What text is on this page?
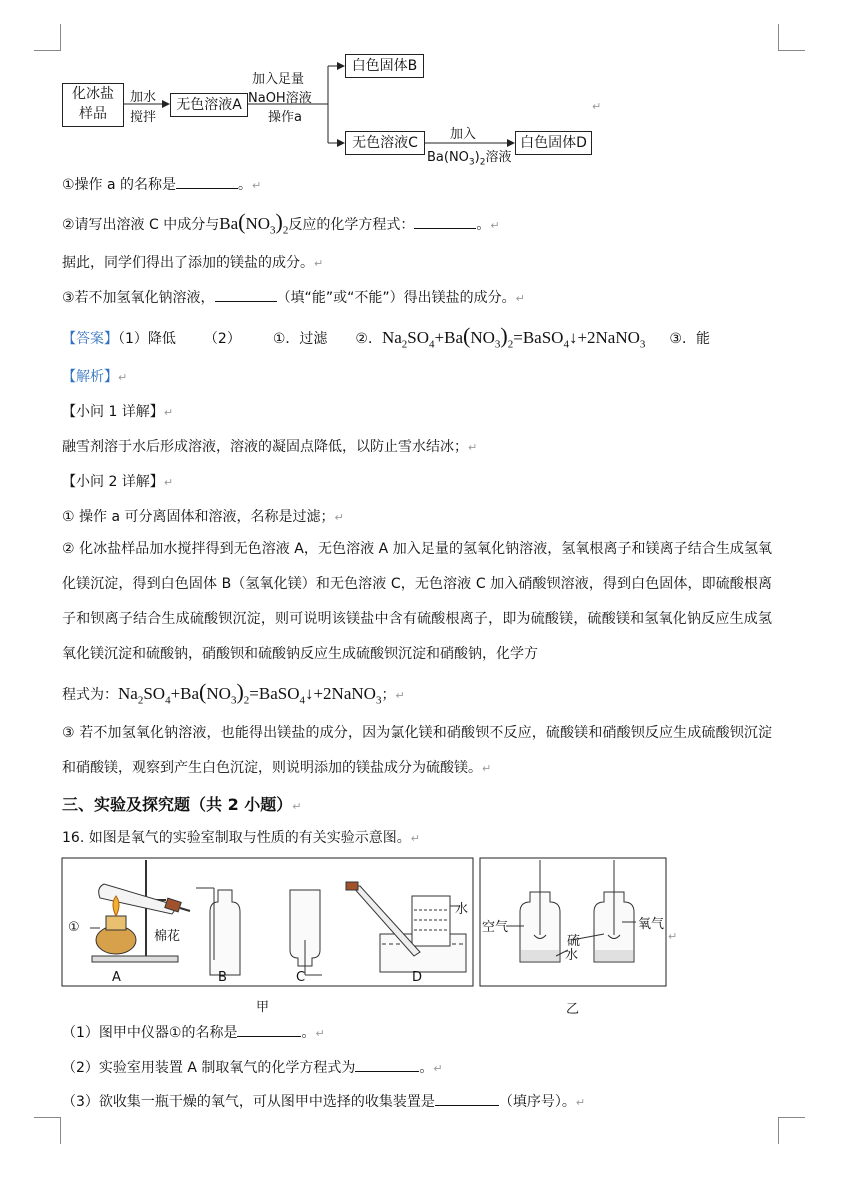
化冰盐
样品
加水
搅拌
无色溶液A
加入足量
NaOH溶液
操作a
白色固体B
无色溶液C
加入
$Ba(NO_3)_2$溶液
白色固体D
↵
①操作 a 的名称是	。↵
②请写出溶液 C 中成分与$Ba(NO_3)_2$反应的化学方程式：	。↵
据此，同学们得出了添加的镁盐的成分。↵
③若不加氢氧化钠溶液，	（填“能”或“不能”）得出镁盐的成分。↵
【答案】（1）降低 （2） ①．过滤 ②．$Na_2SO_4+Ba(NO_3)_2=BaSO_4↓+2NaNO_3$ ③．能
【解析】↵
【小问 1 详解】↵
融雪剂溶于水后形成溶液，溶液的凝固点降低，以防止雪水结冰；↵
【小问 2 详解】↵
① 操作 a 可分离固体和溶液，名称是过滤；↵
② 化冰盐样品加水搅拌得到无色溶液 A，无色溶液 A 加入足量的氢氧化钠溶液，氢氧根离子和镁离子结合生成氢氧化镁沉淀，得到白色固体 B（氢氧化镁）和无色溶液 C，无色溶液 C 加入硝酸钡溶液，得到白色固体，即硫酸根离子和钡离子结合生成硫酸钡沉淀，则可说明该镁盐中含有硫酸根离子，即为硫酸镁，硫酸镁和氢氧化钠反应生成氢氧化镁沉淀和硫酸钠，硝酸钡和硫酸钠反应生成硫酸钡沉淀和硝酸钠，化学方
程式为：$Na_2SO_4+Ba(NO_3)_2=BaSO_4↓+2NaNO_3$；↵
③ 若不加氢氧化钠溶液，也能得出镁盐的成分，因为氯化镁和硝酸钡不反应，硫酸镁和硝酸钡反应生成硫酸钡沉淀和硝酸镁，观察到产生白色沉淀，则说明添加的镁盐成分为硫酸镁。↵
三、实验及探究题（共 2 小题）↵
16. 如图是氧气的实验室制取与性质的有关实验示意图。↵
①
棉花
水
A	B	C	D
甲
空气
硫
水
氧气
乙
↵
（1）图甲中仪器①的名称是	。↵
（2）实验室用装置 A 制取氧气的化学方程式为	。↵
（3）欲收集一瓶干燥的氧气，可从图甲中选择的收集装置是	（填序号）。↵
